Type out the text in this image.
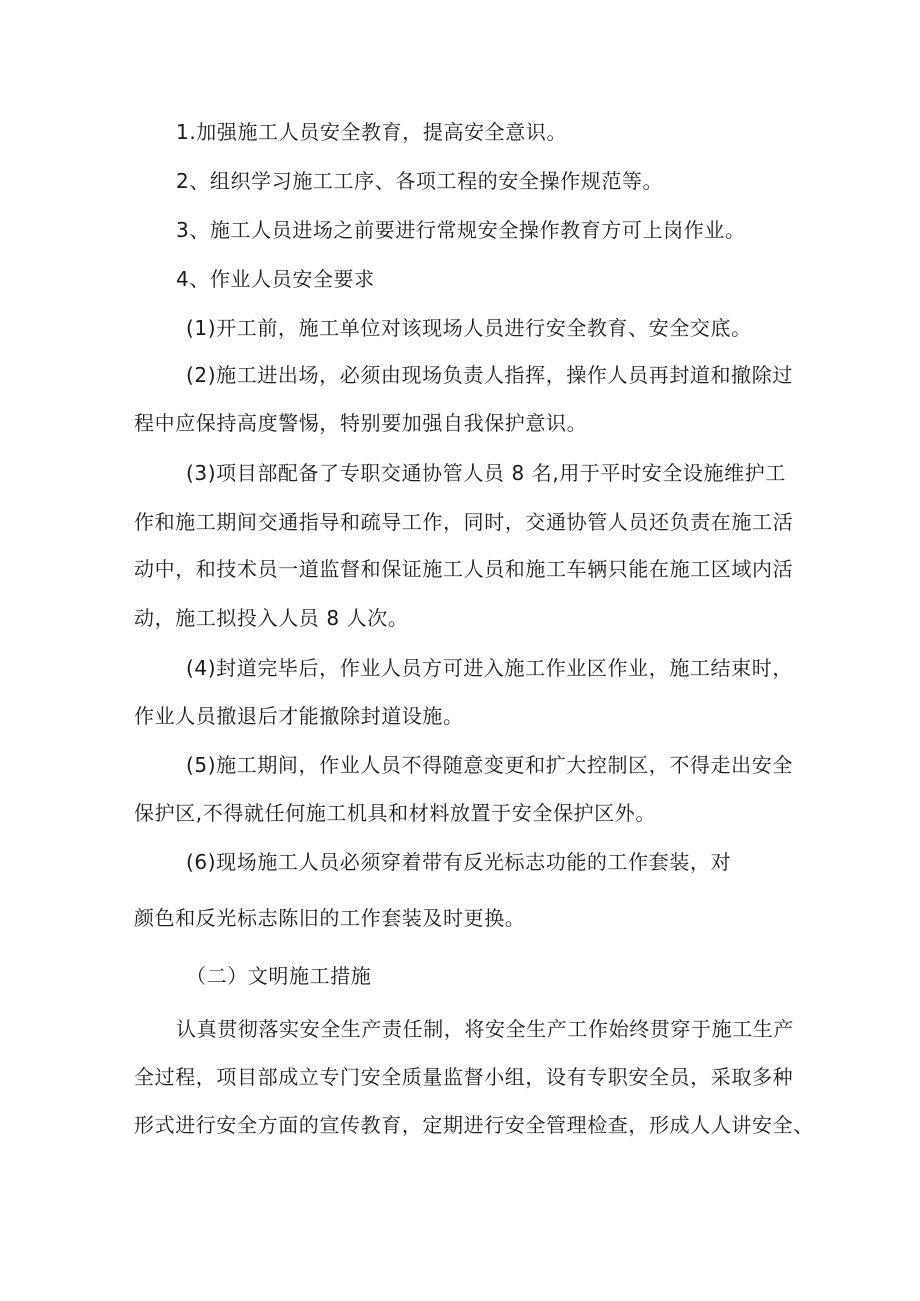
1.加强施工人员安全教育，提高安全意识。
2、组织学习施工工序、各项工程的安全操作规范等。
3、施工人员进场之前要进行常规安全操作教育方可上岗作业。
4、作业人员安全要求
(1)开工前，施工单位对该现场人员进行安全教育、安全交底。
(2)施工进出场，必须由现场负责人指挥，操作人员再封道和撤除过
程中应保持高度警惕，特别要加强自我保护意识。
(3)项目部配备了专职交通协管人员 8 名,用于平时安全设施维护工
作和施工期间交通指导和疏导工作，同时，交通协管人员还负责在施工活
动中，和技术员一道监督和保证施工人员和施工车辆只能在施工区域内活
动，施工拟投入人员 8 人次。
(4)封道完毕后，作业人员方可进入施工作业区作业，施工结束时，
作业人员撤退后才能撤除封道设施。
(5)施工期间，作业人员不得随意变更和扩大控制区，不得走出安全
保护区,不得就任何施工机具和材料放置于安全保护区外。
(6)现场施工人员必须穿着带有反光标志功能的工作套装，对
颜色和反光标志陈旧的工作套装及时更换。
（二）文明施工措施
认真贯彻落实安全生产责任制，将安全生产工作始终贯穿于施工生产
全过程，项目部成立专门安全质量监督小组，设有专职安全员，采取多种
形式进行安全方面的宣传教育，定期进行安全管理检查，形成人人讲安全、
